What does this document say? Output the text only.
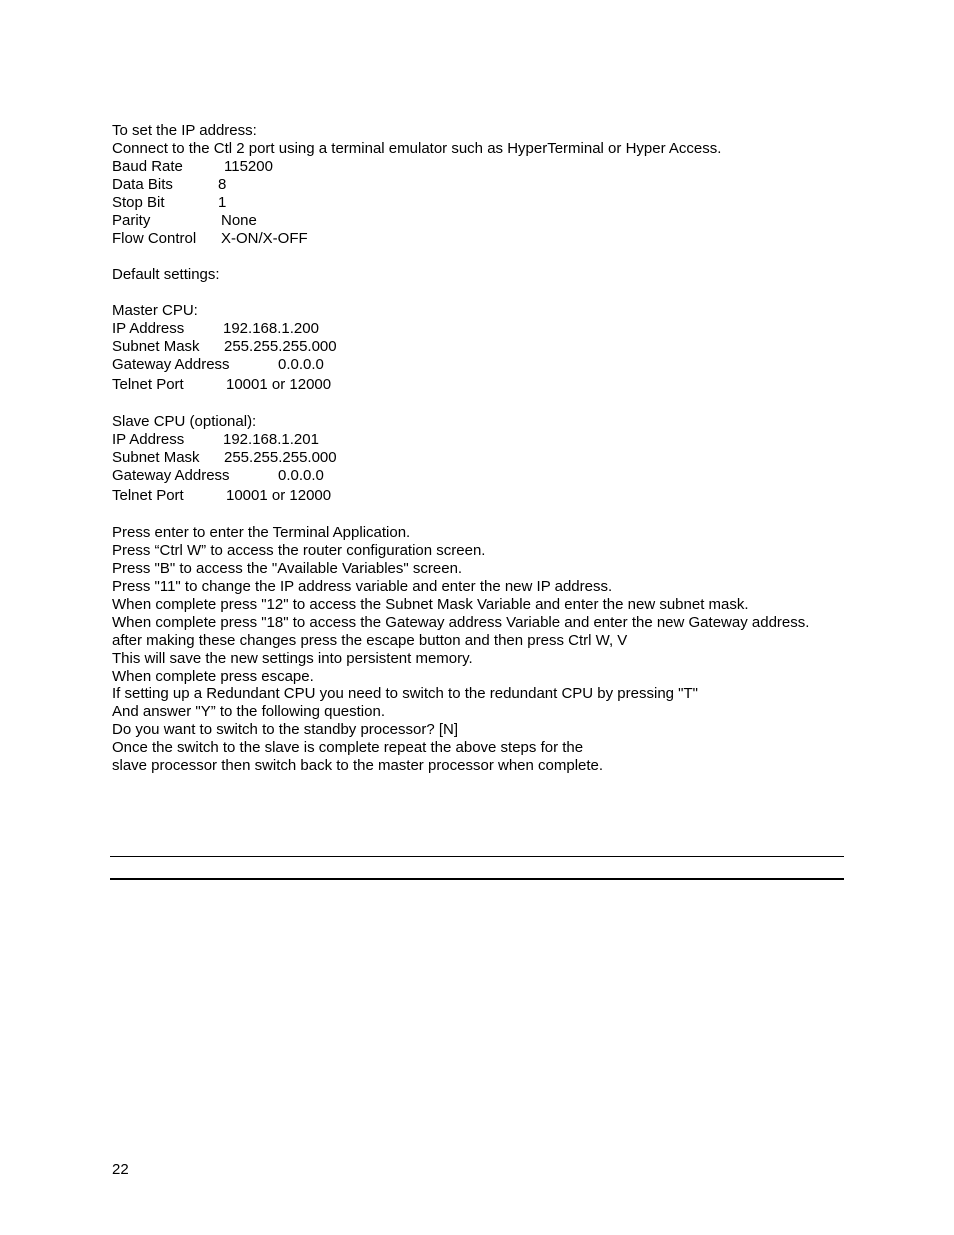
To set the IP address:
Connect to the Ctl 2 port using a terminal emulator such as HyperTerminal or Hyper Access.
Baud Rate	115200
Data Bits	8
Stop Bit	1
Parity	None
Flow Control X-ON/X-OFF
Default settings:
Master CPU:
IP Address	192.168.1.200
Subnet Mask 255.255.255.000
Gateway Address	0.0.0.0
Telnet Port	10001 or 12000
Slave CPU (optional):
IP Address	192.168.1.201
Subnet Mask 255.255.255.000
Gateway Address	0.0.0.0
Telnet Port	10001 or 12000
Press enter to enter the Terminal Application.
Press “Ctrl W” to access the router configuration screen.
Press "B" to access the "Available Variables" screen.
Press "11" to change the IP address variable and enter the new IP address.
When complete press "12" to access the Subnet Mask Variable and enter the new subnet mask.
When complete press "18" to access the Gateway address Variable and enter the new Gateway address.
after making these changes press the escape button and then press Ctrl W, V
This will save the new settings into persistent memory.
When complete press escape.
If setting up a Redundant CPU you need to switch to the redundant CPU by pressing "T"
And answer "Y” to the following question.
Do you want to switch to the standby processor? [N]
Once the switch to the slave is complete repeat the above steps for the
slave processor then switch back to the master processor when complete.
22
